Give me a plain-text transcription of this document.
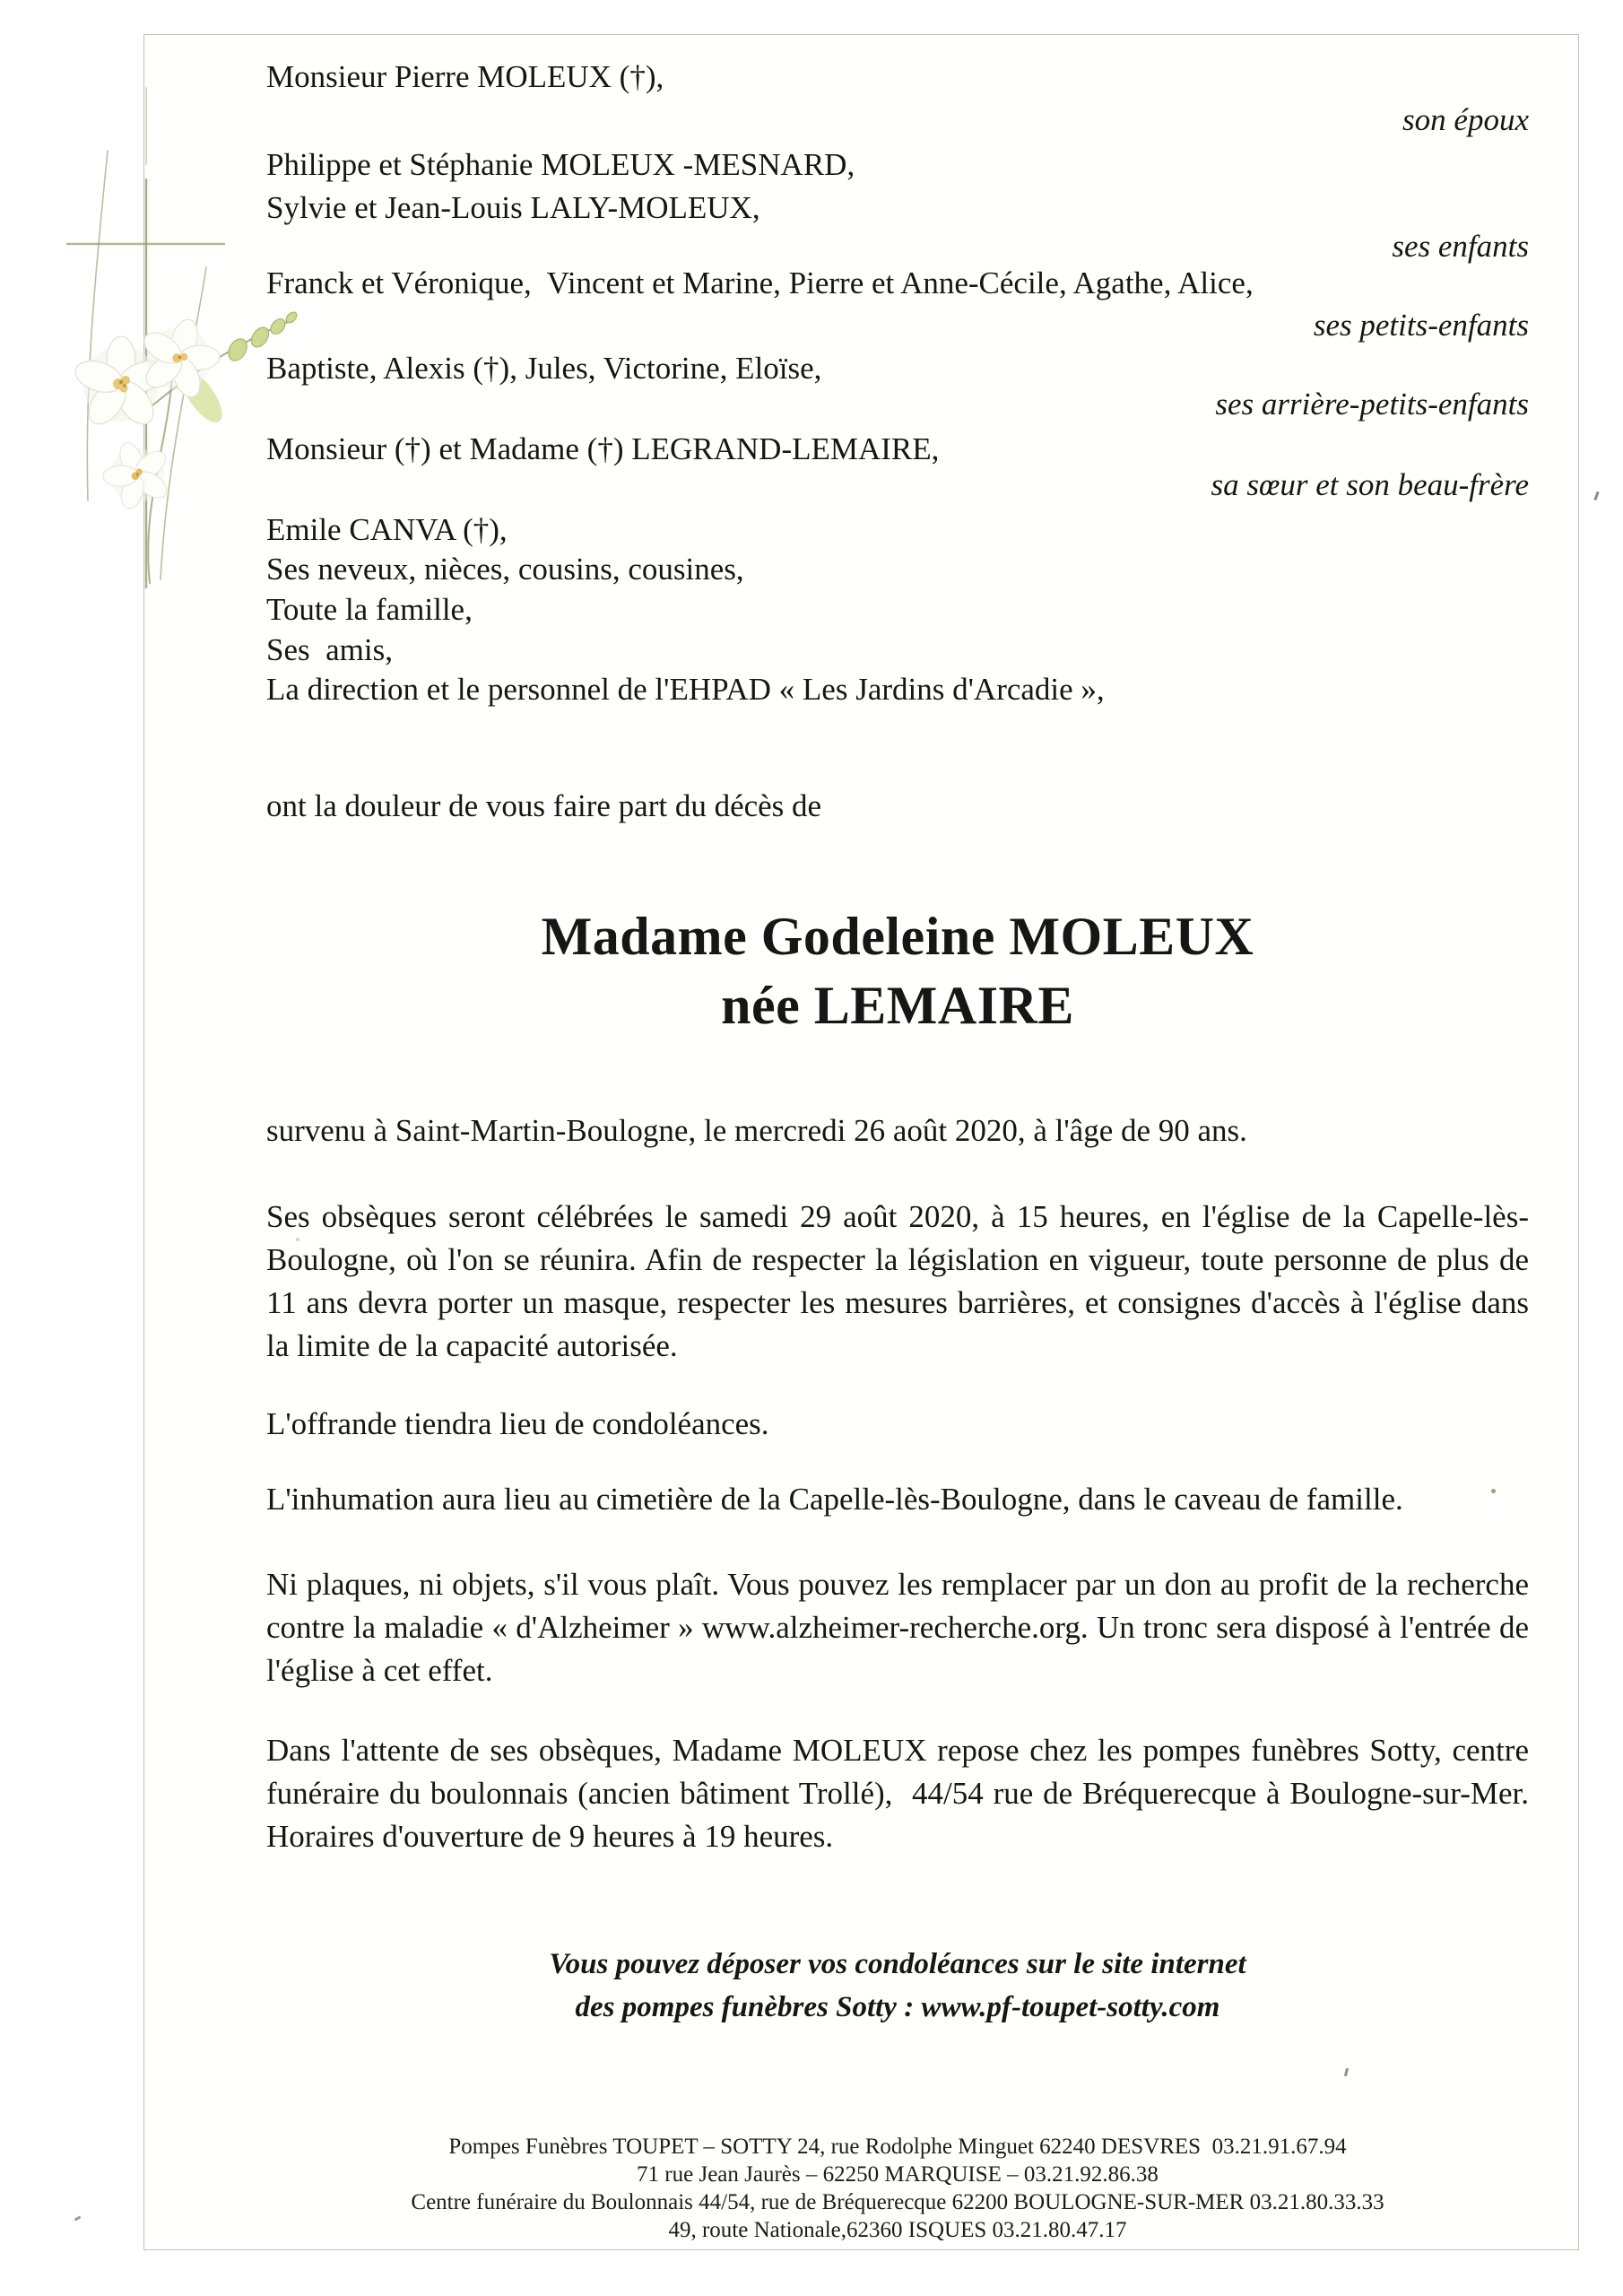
Monsieur Pierre MOLEUX (†),
son époux
Philippe et Stéphanie MOLEUX -MESNARD,
Sylvie et Jean-Louis LALY-MOLEUX,
ses enfants
Franck et Véronique,  Vincent et Marine, Pierre et Anne-Cécile, Agathe, Alice,
ses petits-enfants
Baptiste, Alexis (†), Jules, Victorine, Eloïse,
ses arrière-petits-enfants
Monsieur (†) et Madame (†) LEGRAND-LEMAIRE,
sa sœur et son beau-frère
Emile CANVA (†),
Ses neveux, nièces, cousins, cousines,
Toute la famille,
Ses  amis,
La direction et le personnel de l'EHPAD « Les Jardins d'Arcadie »,
ont la douleur de vous faire part du décès de
Madame Godeleine MOLEUX
née LEMAIRE
survenu à Saint-Martin-Boulogne, le mercredi 26 août 2020, à l'âge de 90 ans.
Ses obsèques seront célébrées le samedi 29 août 2020, à 15 heures, en l'église de la Capelle-lès-Boulogne, où l'on se réunira. Afin de respecter la législation en vigueur, toute personne de plus de 11 ans devra porter un masque, respecter les mesures barrières, et consignes d'accès à l'église dans la limite de la capacité autorisée.
L'offrande tiendra lieu de condoléances.
L'inhumation aura lieu au cimetière de la Capelle-lès-Boulogne, dans le caveau de famille.
Ni plaques, ni objets, s'il vous plaît. Vous pouvez les remplacer par un don au profit de la recherche contre la maladie « d'Alzheimer » www.alzheimer-recherche.org. Un tronc sera disposé à l'entrée de l'église à cet effet.
Dans l'attente de ses obsèques, Madame MOLEUX repose chez les pompes funèbres Sotty, centre funéraire du boulonnais (ancien bâtiment Trollé),  44/54 rue de Bréquerecque à Boulogne-sur-Mer. Horaires d'ouverture de 9 heures à 19 heures.
Vous pouvez déposer vos condoléances sur le site internet
des pompes funèbres Sotty : www.pf-toupet-sotty.com
Pompes Funèbres TOUPET – SOTTY 24, rue Rodolphe Minguet 62240 DESVRES  03.21.91.67.94
71 rue Jean Jaurès – 62250 MARQUISE – 03.21.92.86.38
Centre funéraire du Boulonnais 44/54, rue de Bréquerecque 62200 BOULOGNE-SUR-MER 03.21.80.33.33
49, route Nationale,62360 ISQUES 03.21.80.47.17
